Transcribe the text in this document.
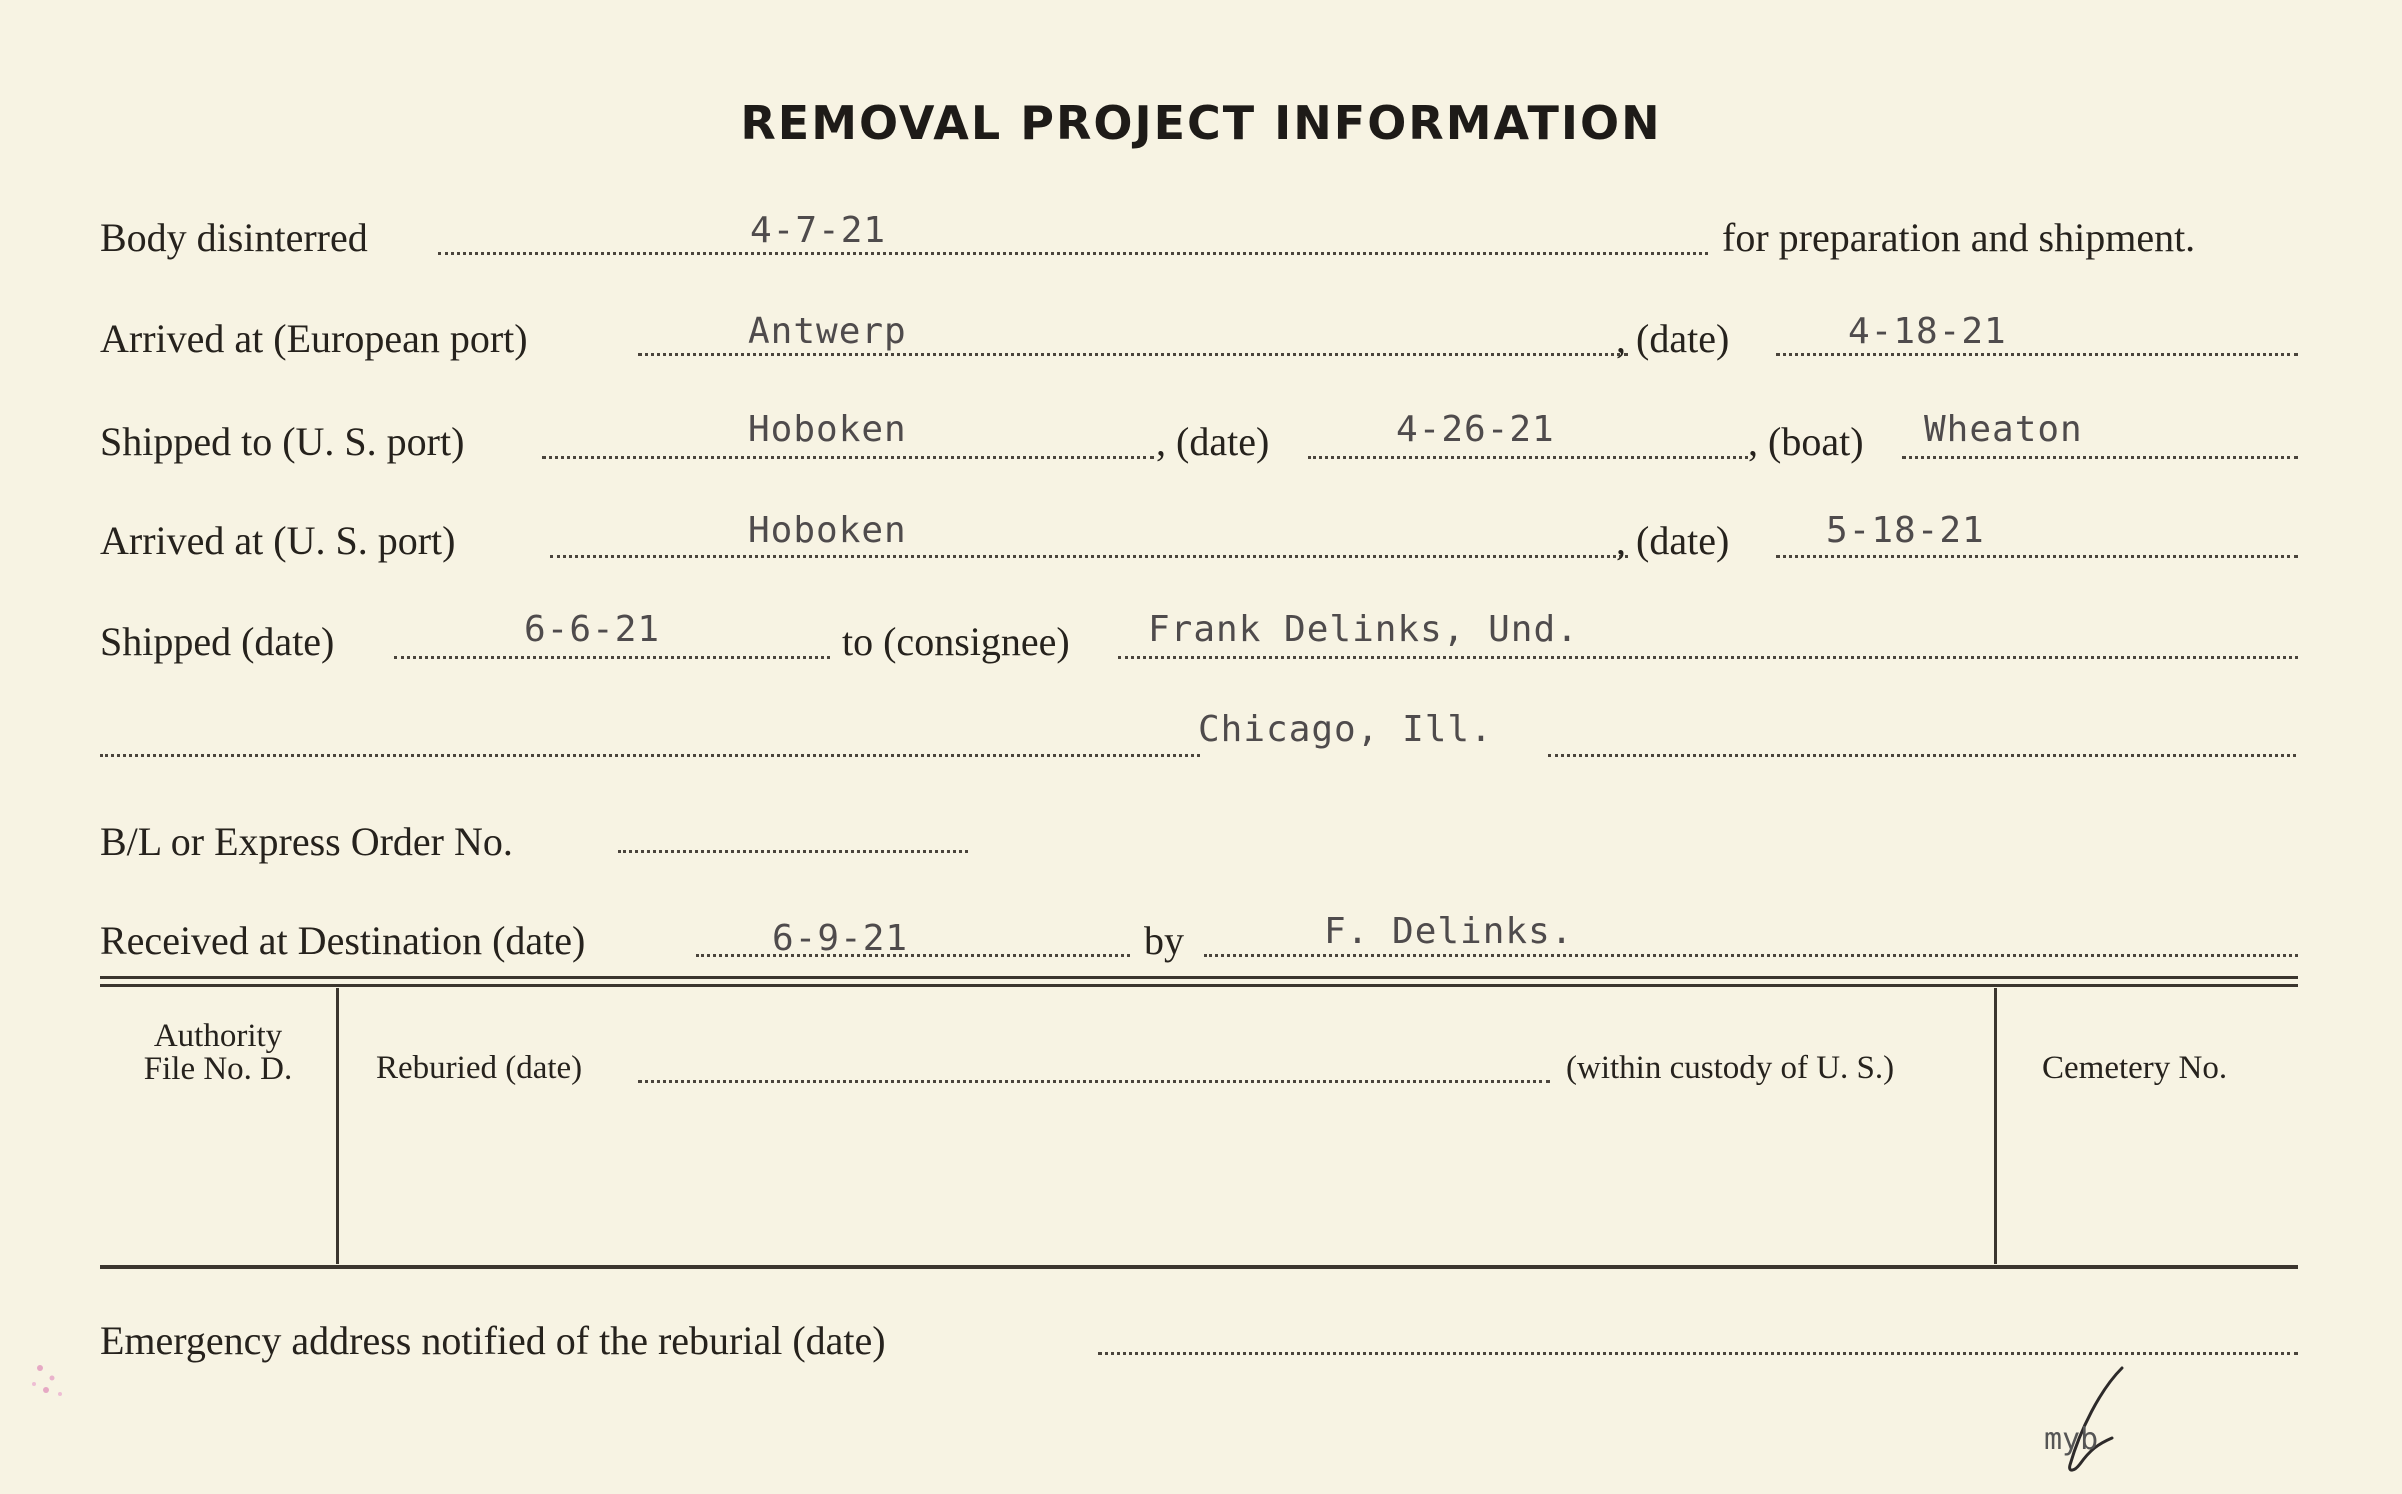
REMOVAL PROJECT INFORMATION
Body disinterred	4-7-21	for preparation and shipment.
Arrived at (European port)	Antwerp	, (date)	4-18-21
Shipped to (U. S. port)	Hoboken	, (date)	4-26-21	, (boat) Wheaton
Arrived at (U. S. port)	Hoboken	, (date)	5-18-21
Shipped (date)	6-6-21	to (consignee) Frank Delinks, Und.
Chicago, Ill.
B/L or Express Order No.
Received at Destination (date)	6-9-21	by	F. Delinks.
Authority
File No. D.	Reburied (date)	(within custody of U. S.)	Cemetery No.
Emergency address notified of the reburial (date)
myb
